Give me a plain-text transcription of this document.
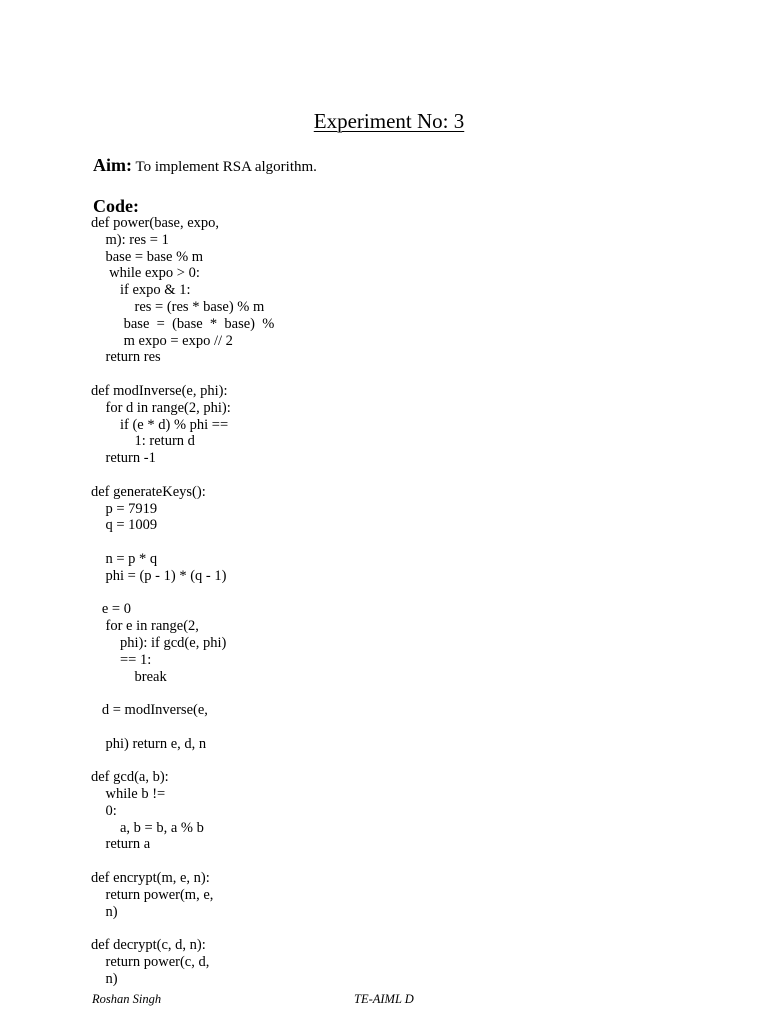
Experiment No: 3
Aim: To implement RSA algorithm.
Code:
def power(base, expo,
m): res = 1
base = base % m
while expo > 0:
if expo & 1:
res = (res * base) % m
base  =  (base  *  base)  %
m expo = expo // 2
return res
def modInverse(e, phi):
for d in range(2, phi):
if (e * d) % phi ==
1: return d
return -1
def generateKeys():
p = 7919
q = 1009
n = p * q
phi = (p - 1) * (q - 1)
e = 0
for e in range(2,
phi): if gcd(e, phi)
== 1:
break
d = modInverse(e,
phi) return e, d, n
def gcd(a, b):
while b !=
0:
a, b = b, a % b
return a
def encrypt(m, e, n):
return power(m, e,
n)
def decrypt(c, d, n):
return power(c, d,
n)
Roshan Singh	TE-AIML D
